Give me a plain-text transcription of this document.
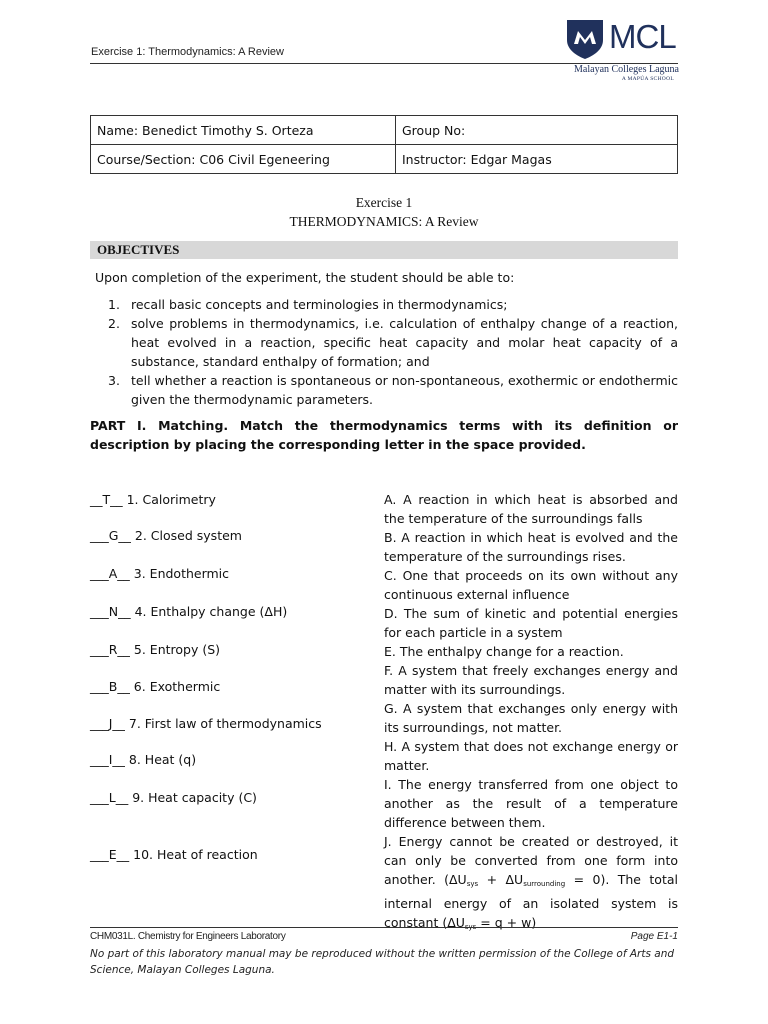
Exercise 1: Thermodynamics: A Review	MCL
Malayan Colleges Laguna
A MAPÚA SCHOOL
Name: Benedict Timothy S. Orteza	Group No:
Course/Section: C06 Civil Egeneering	Instructor: Edgar Magas
Exercise 1
THERMODYNAMICS: A Review
OBJECTIVES
Upon completion of the experiment, the student should be able to:
1. recall basic concepts and terminologies in thermodynamics;
2. solve problems in thermodynamics, i.e. calculation of enthalpy change of a reaction, heat evolved in a reaction, specific heat capacity and molar heat capacity of a substance, standard enthalpy of formation; and
3. tell whether a reaction is spontaneous or non-spontaneous, exothermic or endothermic given the thermodynamic parameters.
PART I. Matching. Match the thermodynamics terms with its definition or description by placing the corresponding letter in the space provided.
__T__ 1. Calorimetry
___G__ 2. Closed system
___A__ 3. Endothermic
___N__ 4. Enthalpy change (ΔH)
___R__ 5. Entropy (S)
___B__ 6. Exothermic
___J__ 7. First law of thermodynamics
___I__ 8. Heat (q)
___L__ 9. Heat capacity (C)
___E__ 10. Heat of reaction

A. A reaction in which heat is absorbed and the temperature of the surroundings falls

B. A reaction in which heat is evolved and the temperature of the surroundings rises.

C. One that proceeds on its own without any continuous external influence

D. The sum of kinetic and potential energies for each particle in a system

E. The enthalpy change for a reaction.

F. A system that freely exchanges energy and matter with its surroundings.

G. A system that exchanges only energy with its surroundings, not matter.

H. A system that does not exchange energy or matter.

I. The energy transferred from one object to another as the result of a temperature difference between them.

J. Energy cannot be created or destroyed, it can only be converted from one form into another. $(\Delta U_{sys} + \Delta U_{surrounding} = 0)$. The total internal energy of an isolated system is constant $(\Delta U_{sys} = q + w)$

CHM031L. Chemistry for Engineers Laboratory	Page E1-1
No part of this laboratory manual may be reproduced without the written permission of the College of Arts and Science, Malayan Colleges Laguna.
